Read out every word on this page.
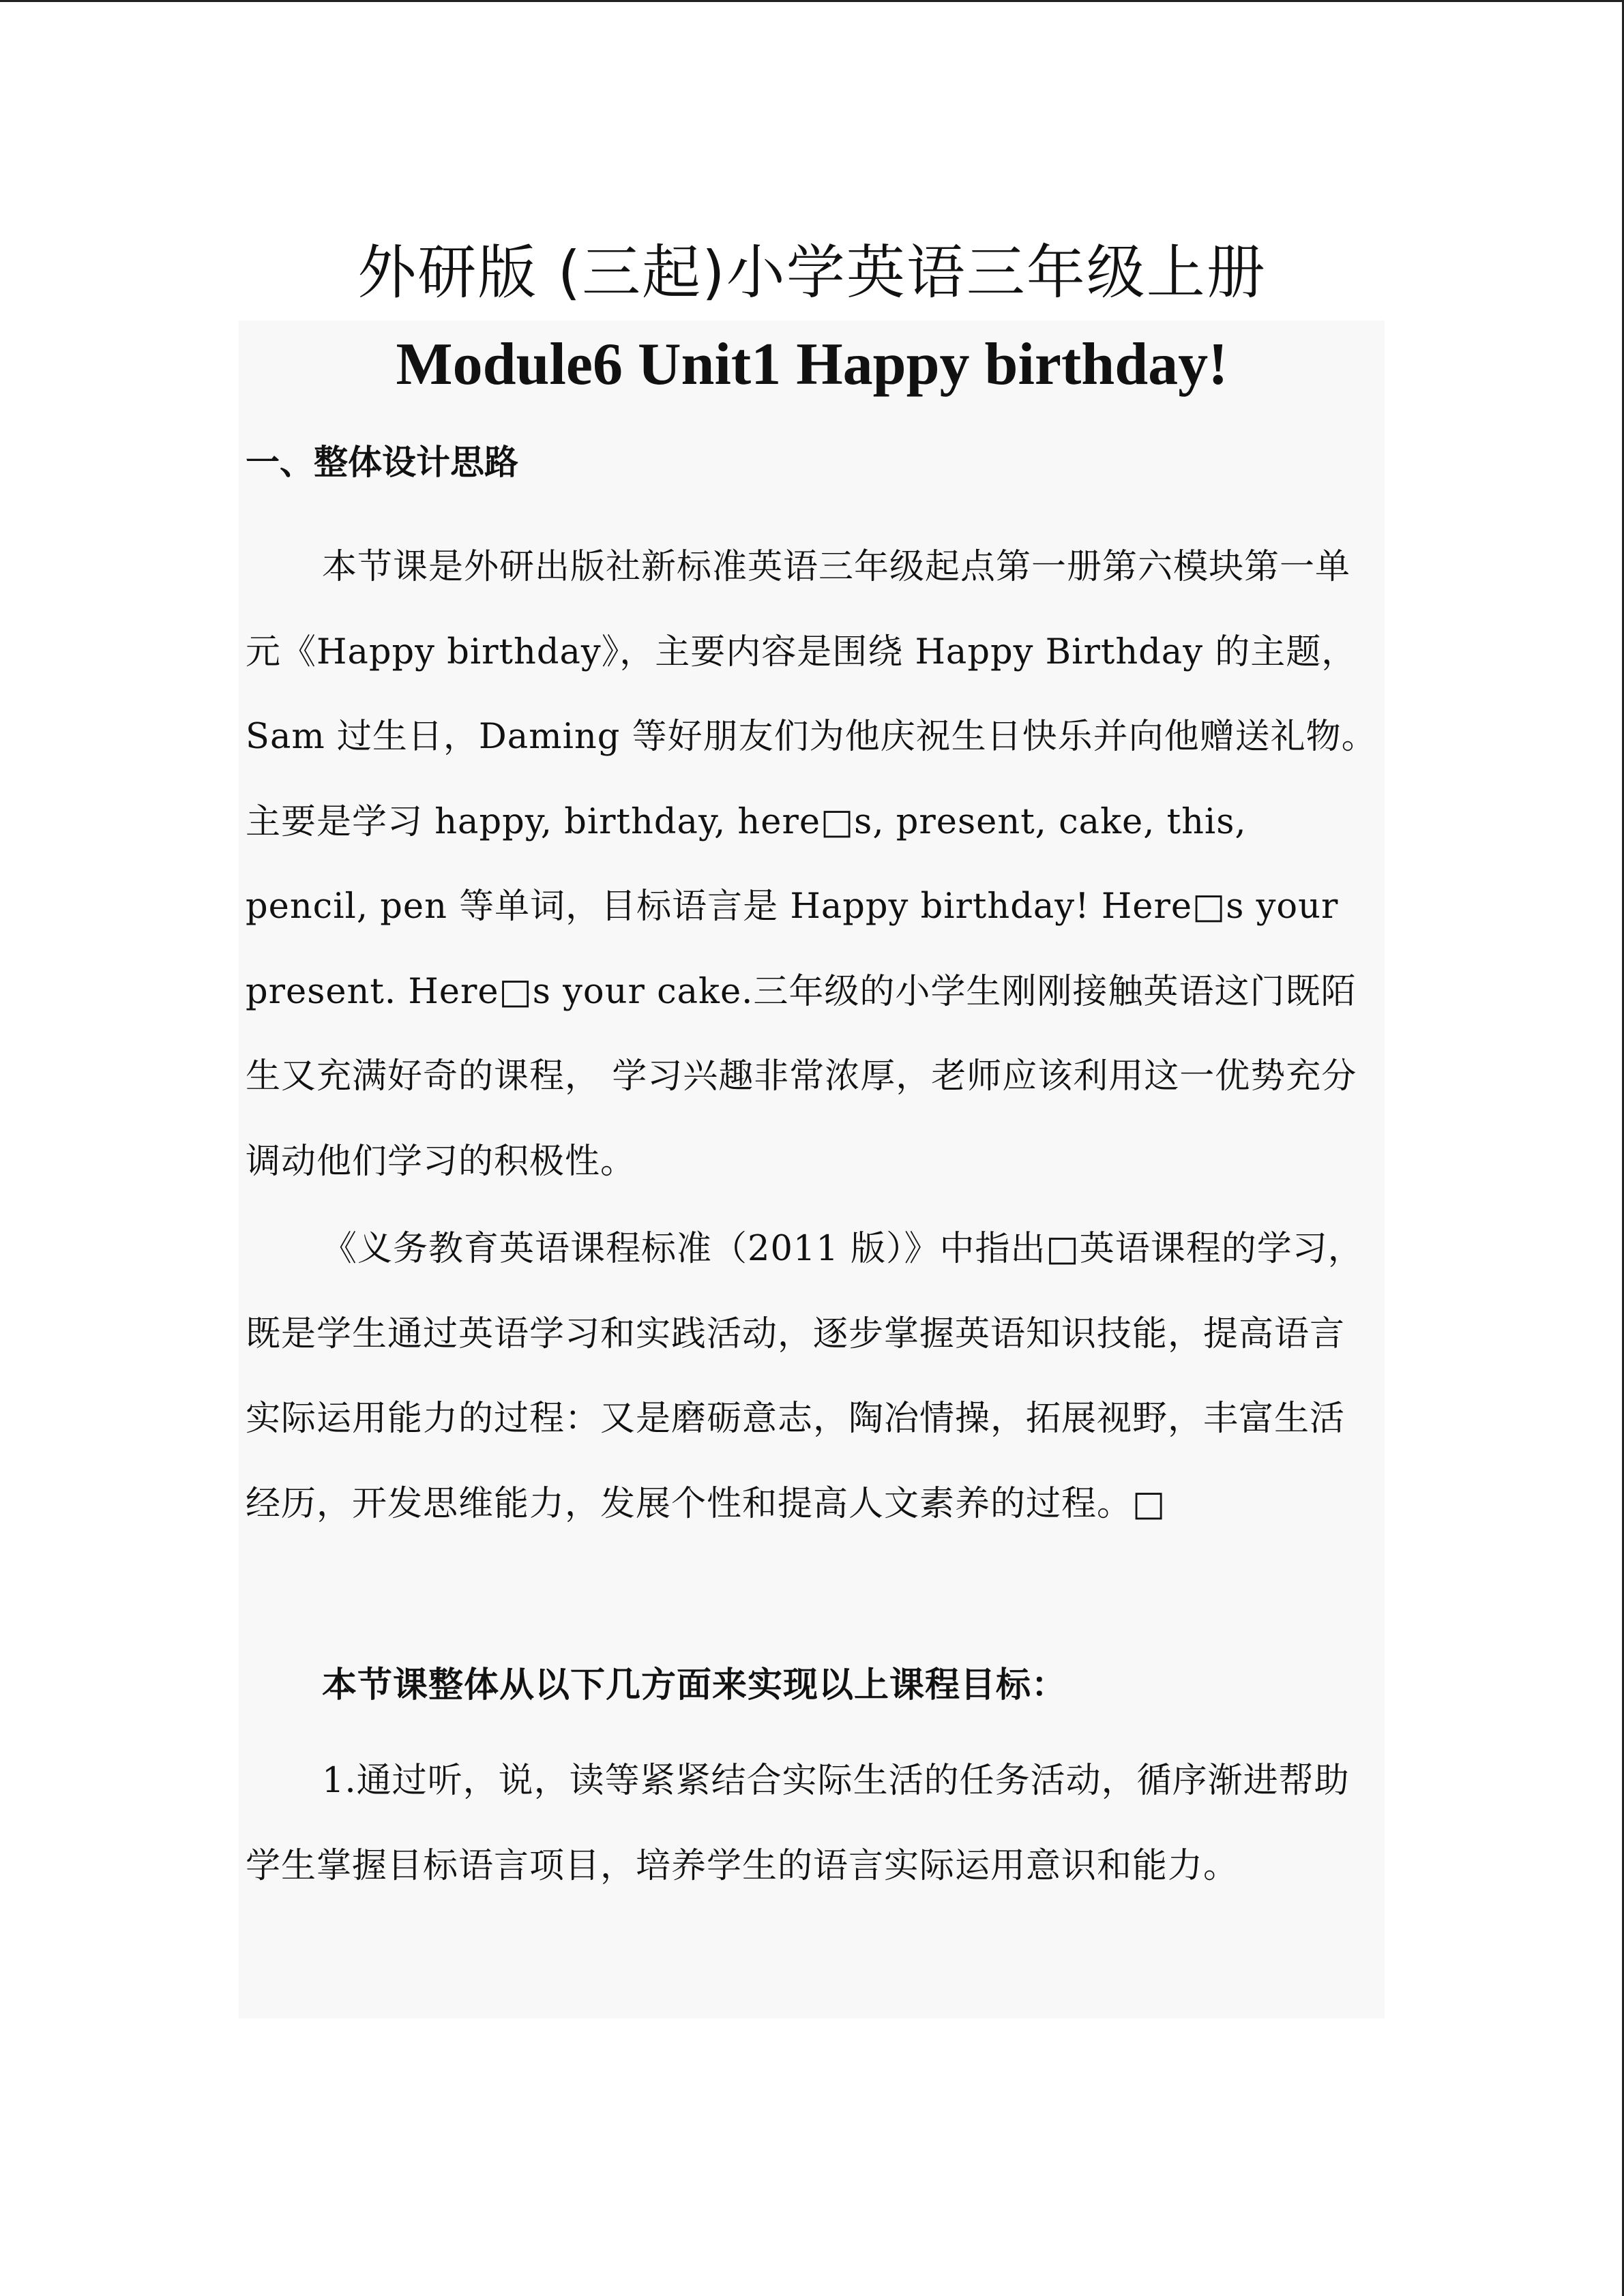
外研版 (三起)小学英语三年级上册
Module6 Unit1 Happy birthday!
一、整体设计思路

本节课是外研出版社新标准英语三年级起点第一册第六模块第一单元《Happy birthday》，主要内容是围绕 Happy Birthday 的主题，Sam 过生日，Daming 等好朋友们为他庆祝生日快乐并向他赠送礼物。主要是学习 happy, birthday, here□s, present, cake, this, pencil, pen 等单词，目标语言是 Happy birthday! Here□s your present. Here□s your cake.三年级的小学生刚刚接触英语这门既陌生又充满好奇的课程， 学习兴趣非常浓厚，老师应该利用这一优势充分调动他们学习的积极性。

《义务教育英语课程标准（2011 版）》中指出□英语课程的学习，既是学生通过英语学习和实践活动，逐步掌握英语知识技能，提高语言实际运用能力的过程：又是磨砺意志，陶冶情操，拓展视野，丰富生活经历，开发思维能力，发展个性和提高人文素养的过程。□

本节课整体从以下几方面来实现以上课程目标：

1.通过听，说，读等紧紧结合实际生活的任务活动，循序渐进帮助学生掌握目标语言项目，培养学生的语言实际运用意识和能力。
